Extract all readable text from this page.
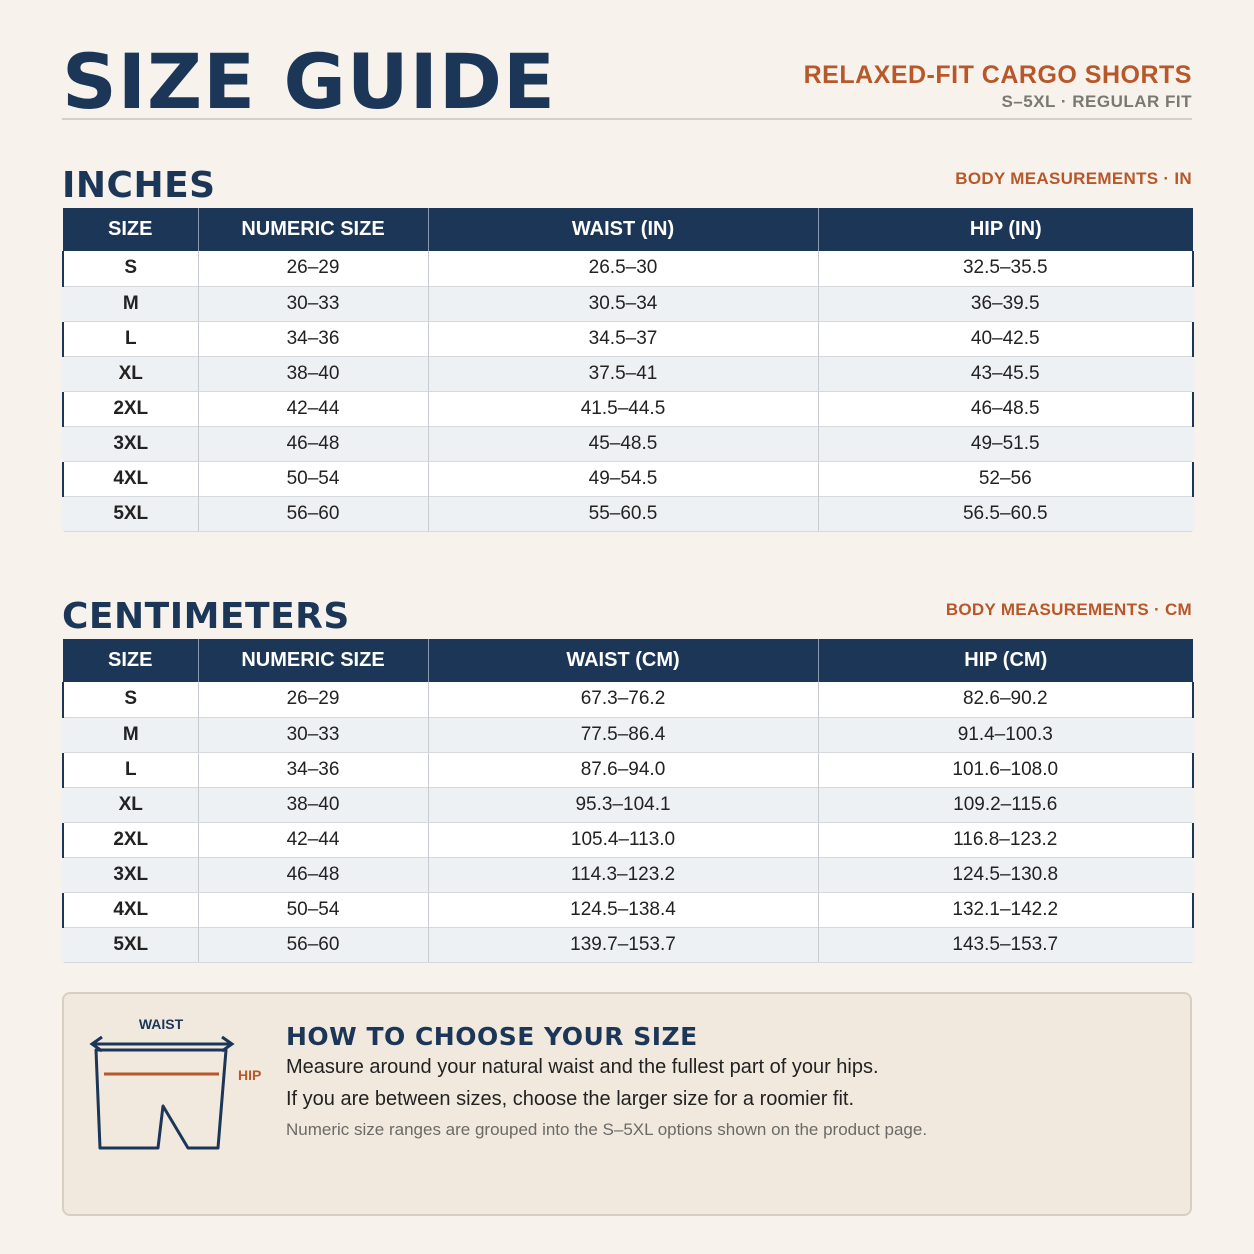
SIZE GUIDE	RELAXED-FIT CARGO SHORTS
S–5XL · REGULAR FIT
INCHES	BODY MEASUREMENTS · IN
SIZE	NUMERIC SIZE	WAIST (IN)	HIP (IN)
S	26–29	26.5–30	32.5–35.5
M	30–33	30.5–34	36–39.5
L	34–36	34.5–37	40–42.5
XL	38–40	37.5–41	43–45.5
2XL	42–44	41.5–44.5	46–48.5
3XL	46–48	45–48.5	49–51.5
4XL	50–54	49–54.5	52–56
5XL	56–60	55–60.5	56.5–60.5
CENTIMETERS	BODY MEASUREMENTS · CM
SIZE	NUMERIC SIZE	WAIST (CM)	HIP (CM)
S	26–29	67.3–76.2	82.6–90.2
M	30–33	77.5–86.4	91.4–100.3
L	34–36	87.6–94.0	101.6–108.0
XL	38–40	95.3–104.1	109.2–115.6
2XL	42–44	105.4–113.0	116.8–123.2
3XL	46–48	114.3–123.2	124.5–130.8
4XL	50–54	124.5–138.4	132.1–142.2
5XL	56–60	139.7–153.7	143.5–153.7
WAIST
HIP
HOW TO CHOOSE YOUR SIZE
Measure around your natural waist and the fullest part of your hips.
If you are between sizes, choose the larger size for a roomier fit.
Numeric size ranges are grouped into the S–5XL options shown on the product page.
